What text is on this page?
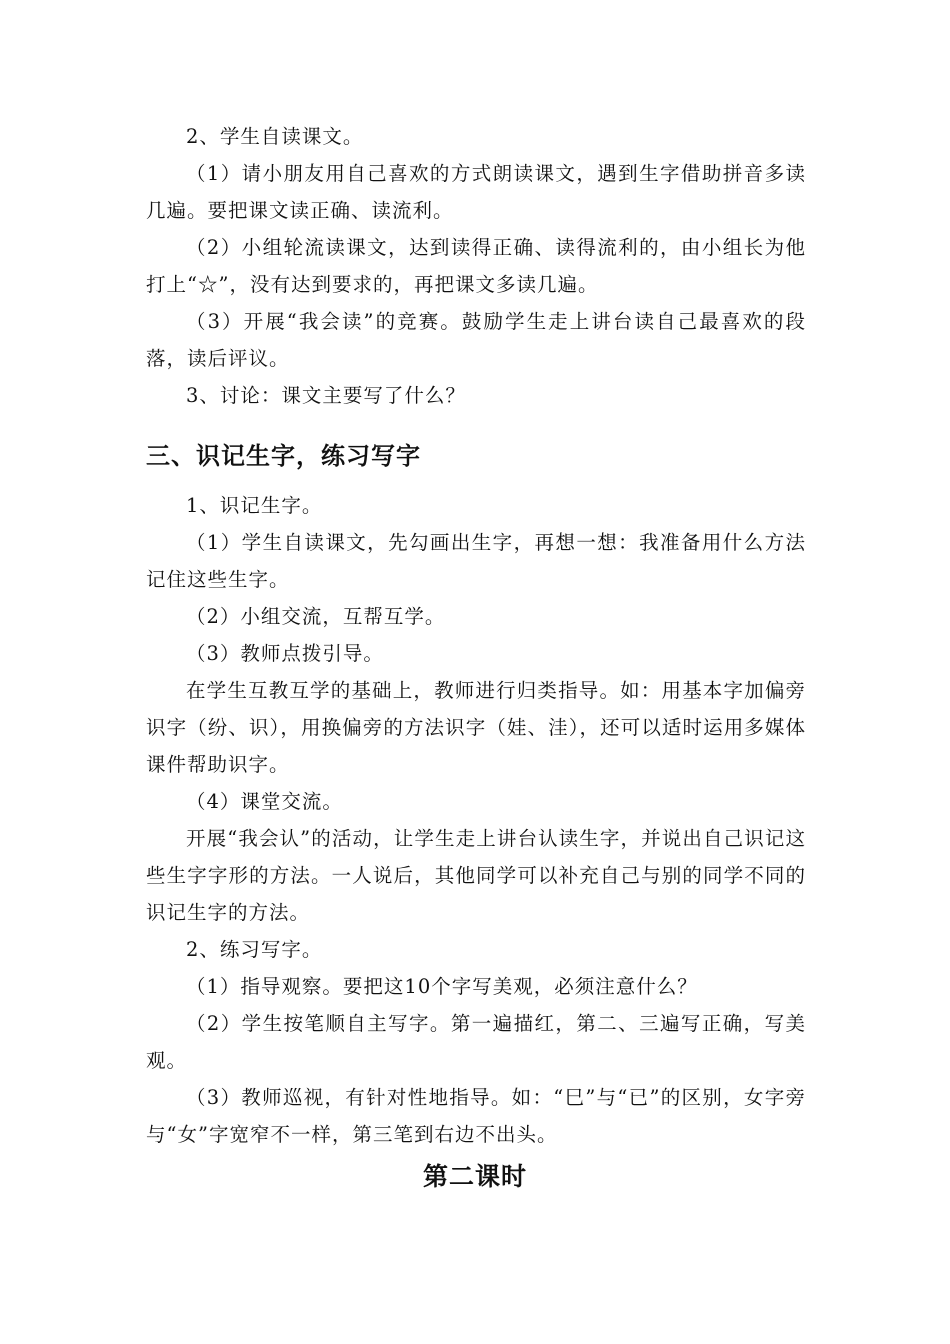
2、学生自读课文。
（1）请小朋友用自己喜欢的方式朗读课文，遇到生字借助拼音多读几遍。要把课文读正确、读流利。
（2）小组轮流读课文，达到读得正确、读得流利的，由小组长为他打上“☆”，没有达到要求的，再把课文多读几遍。
（3）开展“我会读”的竞赛。鼓励学生走上讲台读自己最喜欢的段落，读后评议。
3、讨论：课文主要写了什么？
三、识记生字，练习写字
1、识记生字。
（1）学生自读课文，先勾画出生字，再想一想：我准备用什么方法记住这些生字。
（2）小组交流，互帮互学。
（3）教师点拨引导。
在学生互教互学的基础上，教师进行归类指导。如：用基本字加偏旁识字（纷、识），用换偏旁的方法识字（娃、洼），还可以适时运用多媒体课件帮助识字。
（4）课堂交流。
开展“我会认”的活动，让学生走上讲台认读生字，并说出自己识记这些生字字形的方法。一人说后，其他同学可以补充自己与别的同学不同的识记生字的方法。
2、练习写字。
（1）指导观察。要把这10个字写美观，必须注意什么？
（2）学生按笔顺自主写字。第一遍描红，第二、三遍写正确，写美观。
（3）教师巡视，有针对性地指导。如：“巳”与“已”的区别，女字旁与“女”字宽窄不一样，第三笔到右边不出头。
第二课时
